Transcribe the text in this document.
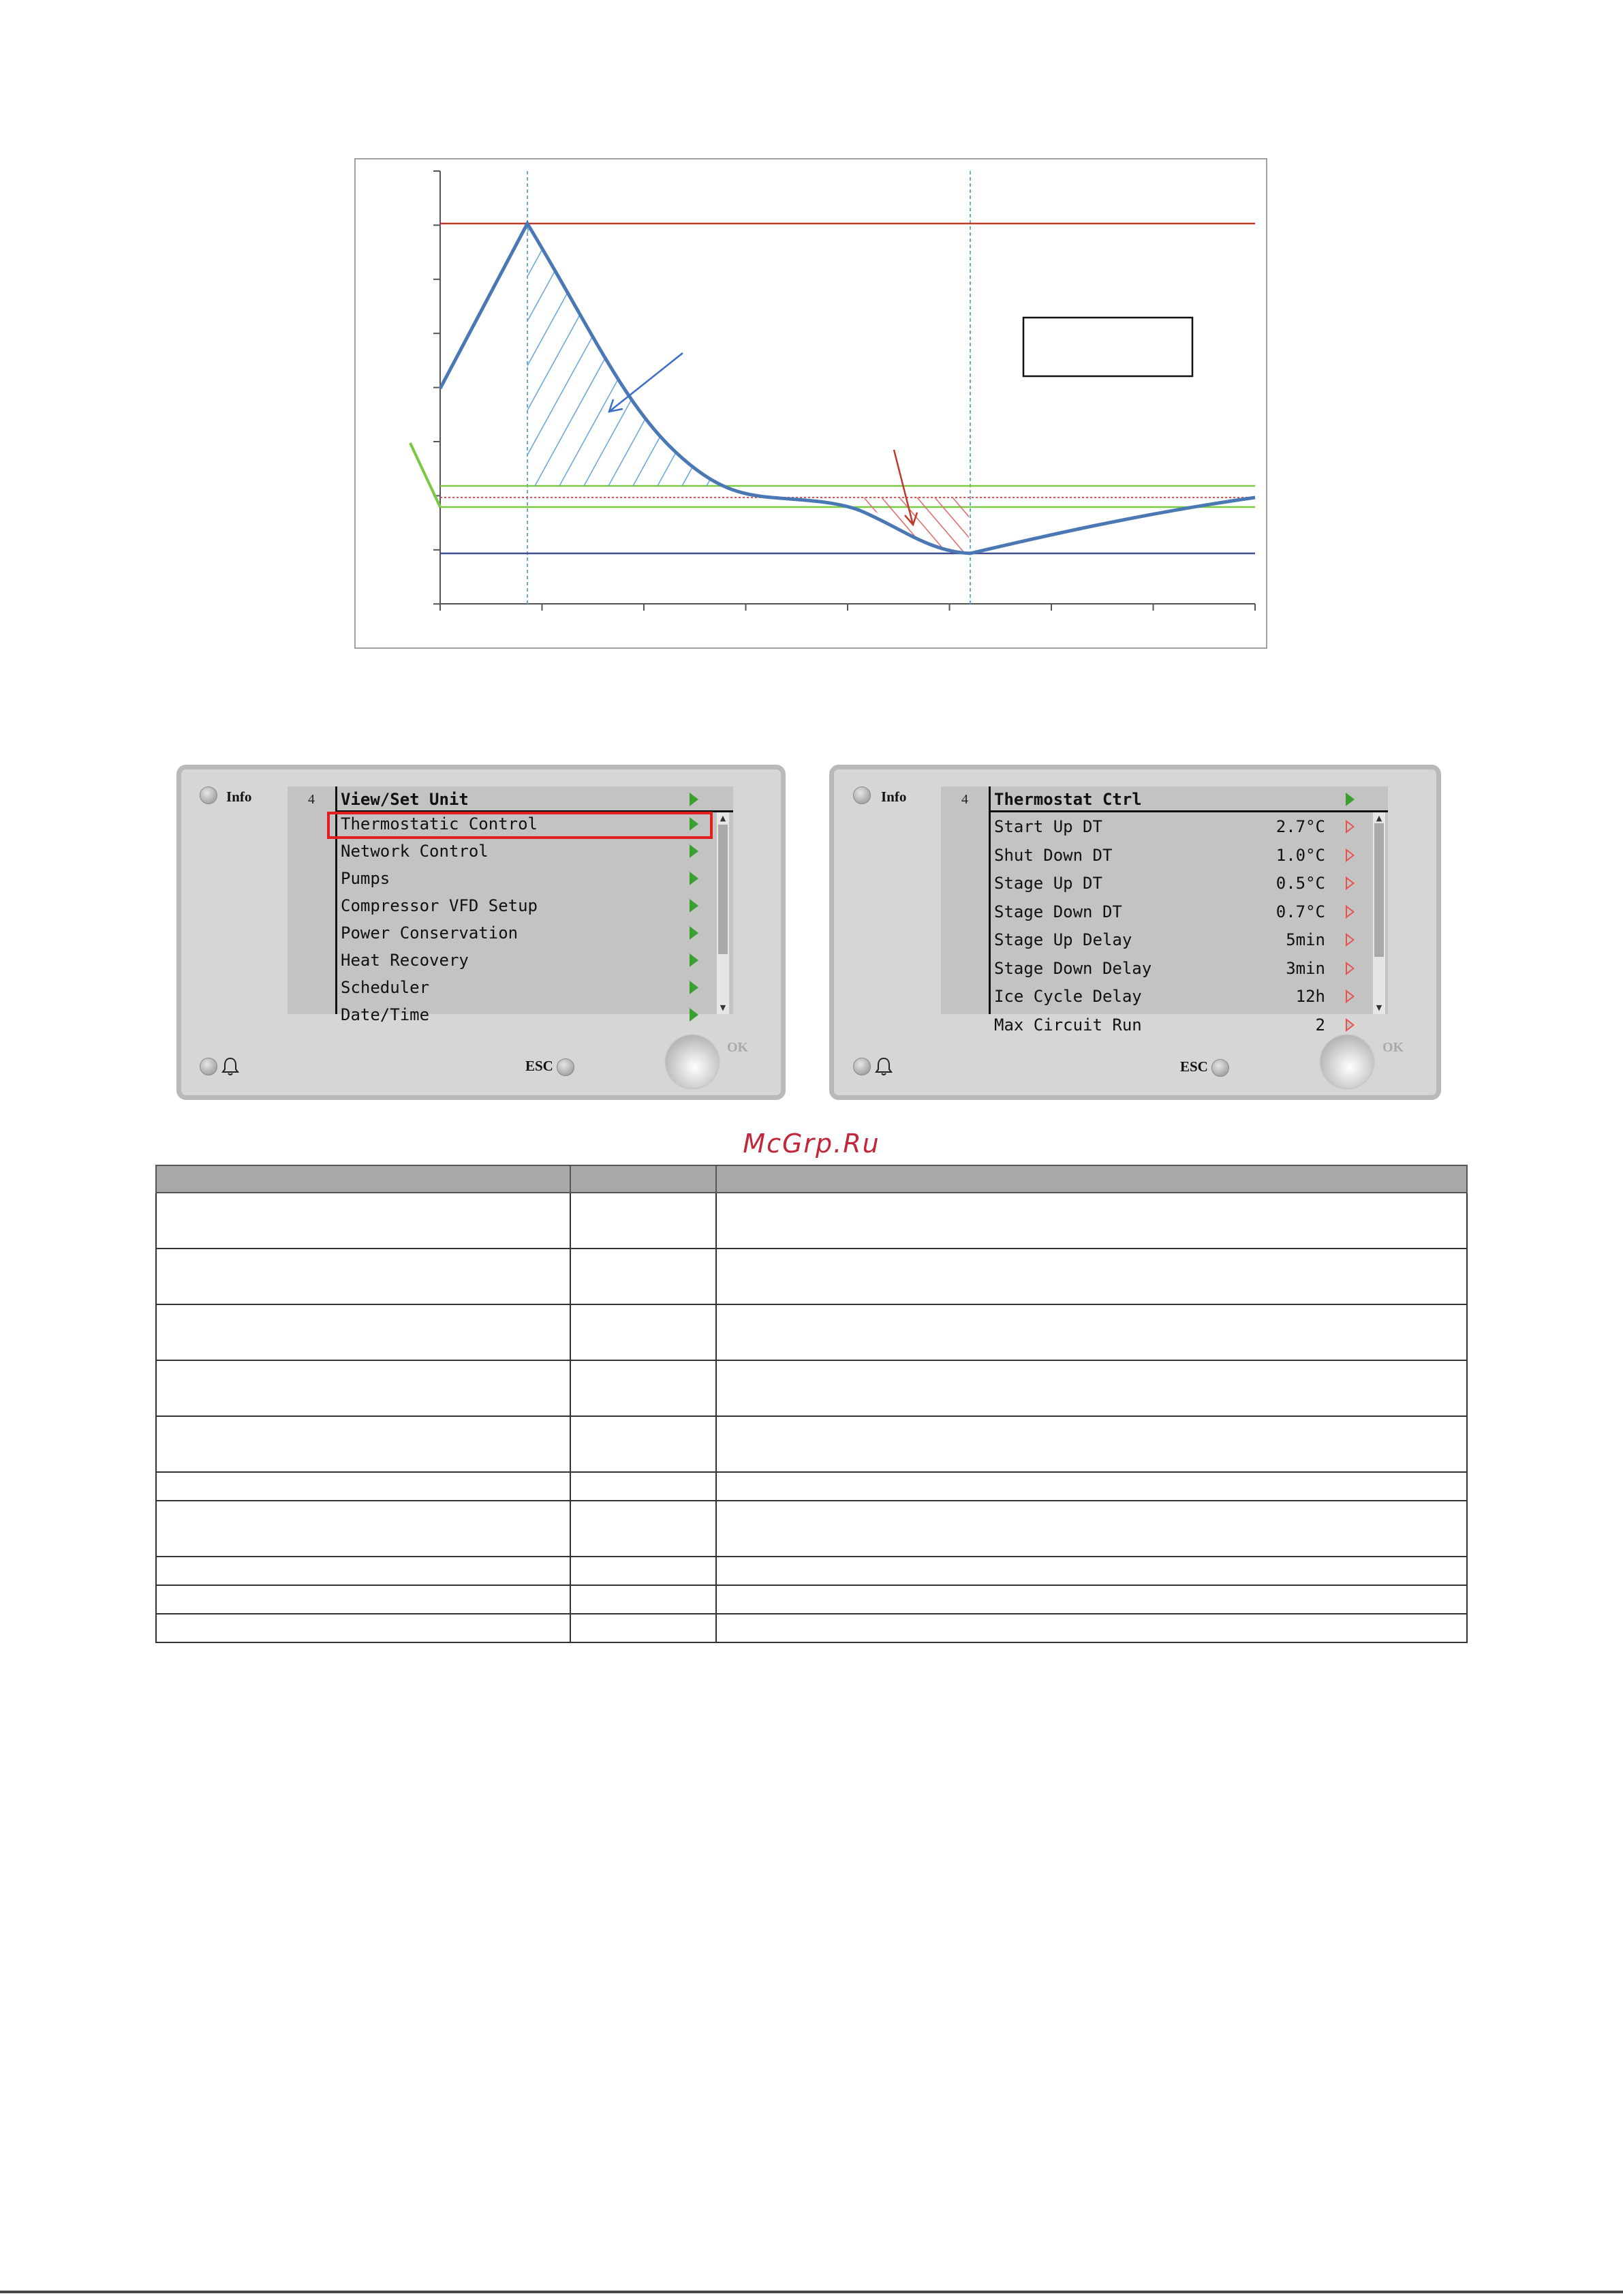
Info	4	View/Set Unit
Thermostatic Control
Network Control
Pumps
Compressor VFD Setup
Power Conservation
Heat Recovery
Scheduler
Date/Time
▲
▼
ESC
OK
Info	4	Thermostat Ctrl
Start Up DT	2.7°C
Shut Down DT	1.0°C
Stage Up DT	0.5°C
Stage Down DT	0.7°C
Stage Up Delay	5min
Stage Down Delay	3min
Ice Cycle Delay	12h
Max Circuit Run	2
▲
▼
ESC
OK
McGrp.Ru
